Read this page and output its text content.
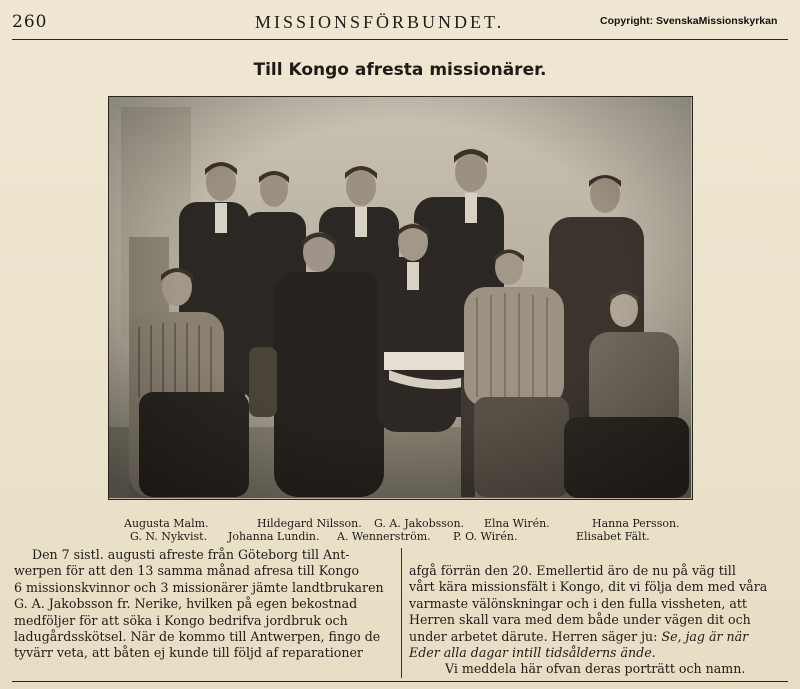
260	MISSIONSFÖRBUNDET.	Copyright: SvenskaMissionskyrkan
Till Kongo afresta missionärer.
Augusta Malm.	Hildegard Nilsson. G. A. Jakobsson. Elna Wirén.	Hanna Persson.
G. N. Nykvist. Johanna Lundin. A. Wennerström. P. O. Wirén.	Elisabet Fält.
Den 7 sistl. augusti afreste från Göteborg till Ant-
werpen för att den 13 samma månad afresa till Kongo
6 missionskvinnor och 3 missionärer jämte landtbrukaren
G. A. Jakobsson fr. Nerike, hvilken på egen bekostnad
medföljer för att söka i Kongo bedrifva jordbruk och
ladugårdsskötsel. När de kommo till Antwerpen, fingo de
tyvärr veta, att båten ej kunde till följd af reparationer
afgå förrän den 20. Emellertid äro de nu på väg till
vårt kära missionsfält i Kongo, dit vi följa dem med våra
varmaste välönskningar och i den fulla vissheten, att
Herren skall vara med dem både under vägen dit och
under arbetet därute. Herren säger ju: Se, jag är när
Eder alla dagar intill tidsålderns ände.
Vi meddela här ofvan deras porträtt och namn.
